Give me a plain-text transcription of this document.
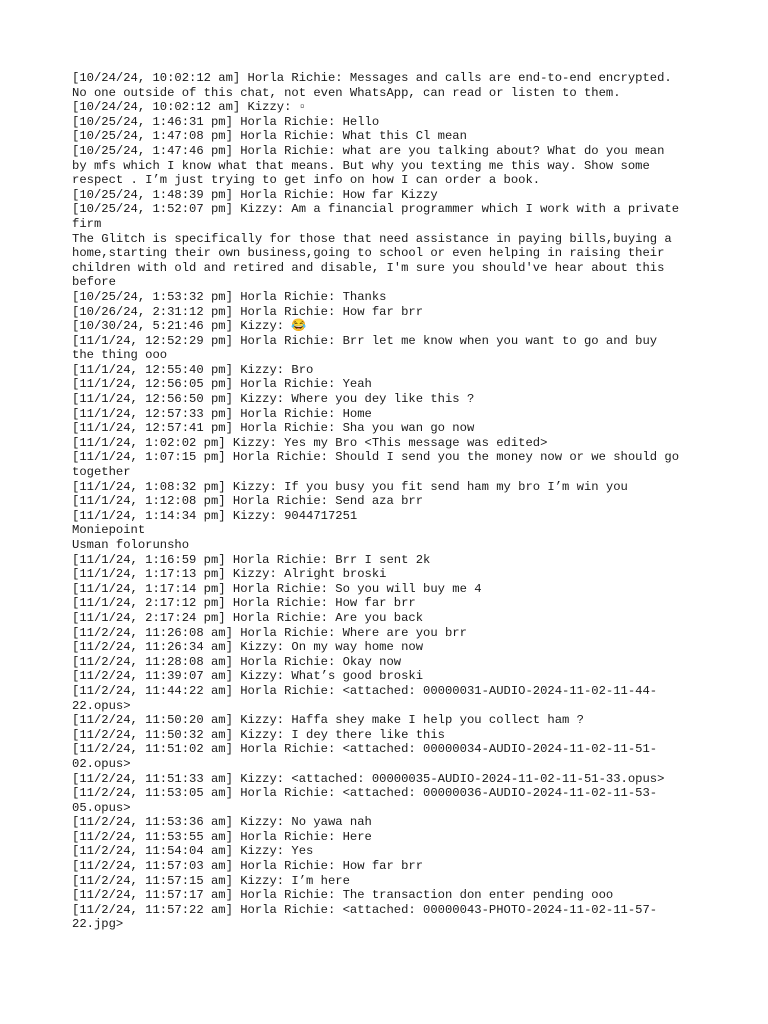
[10/24/24, 10:02:12 am] Horla Richie: Messages and calls are end-to-end encrypted.
No one outside of this chat, not even WhatsApp, can read or listen to them.
[10/24/24, 10:02:12 am] Kizzy: ▫
[10/25/24, 1:46:31 pm] Horla Richie: Hello
[10/25/24, 1:47:08 pm] Horla Richie: What this Cl mean
[10/25/24, 1:47:46 pm] Horla Richie: what are you talking about? What do you mean
by mfs which I know what that means. But why you texting me this way. Show some
respect . I’m just trying to get info on how I can order a book.
[10/25/24, 1:48:39 pm] Horla Richie: How far Kizzy
[10/25/24, 1:52:07 pm] Kizzy: Am a financial programmer which I work with a private
firm
The Glitch is specifically for those that need assistance in paying bills,buying a
home,starting their own business,going to school or even helping in raising their
children with old and retired and disable, I'm sure you should've hear about this
before
[10/25/24, 1:53:32 pm] Horla Richie: Thanks
[10/26/24, 2:31:12 pm] Horla Richie: How far brr
[10/30/24, 5:21:46 pm] Kizzy: 😂
[11/1/24, 12:52:29 pm] Horla Richie: Brr let me know when you want to go and buy
the thing ooo
[11/1/24, 12:55:40 pm] Kizzy: Bro
[11/1/24, 12:56:05 pm] Horla Richie: Yeah
[11/1/24, 12:56:50 pm] Kizzy: Where you dey like this ?
[11/1/24, 12:57:33 pm] Horla Richie: Home
[11/1/24, 12:57:41 pm] Horla Richie: Sha you wan go now
[11/1/24, 1:02:02 pm] Kizzy: Yes my Bro <This message was edited>
[11/1/24, 1:07:15 pm] Horla Richie: Should I send you the money now or we should go
together
[11/1/24, 1:08:32 pm] Kizzy: If you busy you fit send ham my bro I’m win you
[11/1/24, 1:12:08 pm] Horla Richie: Send aza brr
[11/1/24, 1:14:34 pm] Kizzy: 9044717251
Moniepoint
Usman folorunsho
[11/1/24, 1:16:59 pm] Horla Richie: Brr I sent 2k
[11/1/24, 1:17:13 pm] Kizzy: Alright broski
[11/1/24, 1:17:14 pm] Horla Richie: So you will buy me 4
[11/1/24, 2:17:12 pm] Horla Richie: How far brr
[11/1/24, 2:17:24 pm] Horla Richie: Are you back
[11/2/24, 11:26:08 am] Horla Richie: Where are you brr
[11/2/24, 11:26:34 am] Kizzy: On my way home now
[11/2/24, 11:28:08 am] Horla Richie: Okay now
[11/2/24, 11:39:07 am] Kizzy: What’s good broski
[11/2/24, 11:44:22 am] Horla Richie: <attached: 00000031-AUDIO-2024-11-02-11-44-
22.opus>
[11/2/24, 11:50:20 am] Kizzy: Haffa shey make I help you collect ham ?
[11/2/24, 11:50:32 am] Kizzy: I dey there like this
[11/2/24, 11:51:02 am] Horla Richie: <attached: 00000034-AUDIO-2024-11-02-11-51-
02.opus>
[11/2/24, 11:51:33 am] Kizzy: <attached: 00000035-AUDIO-2024-11-02-11-51-33.opus>
[11/2/24, 11:53:05 am] Horla Richie: <attached: 00000036-AUDIO-2024-11-02-11-53-
05.opus>
[11/2/24, 11:53:36 am] Kizzy: No yawa nah
[11/2/24, 11:53:55 am] Horla Richie: Here
[11/2/24, 11:54:04 am] Kizzy: Yes
[11/2/24, 11:57:03 am] Horla Richie: How far brr
[11/2/24, 11:57:15 am] Kizzy: I’m here
[11/2/24, 11:57:17 am] Horla Richie: The transaction don enter pending ooo
[11/2/24, 11:57:22 am] Horla Richie: <attached: 00000043-PHOTO-2024-11-02-11-57-
22.jpg>
